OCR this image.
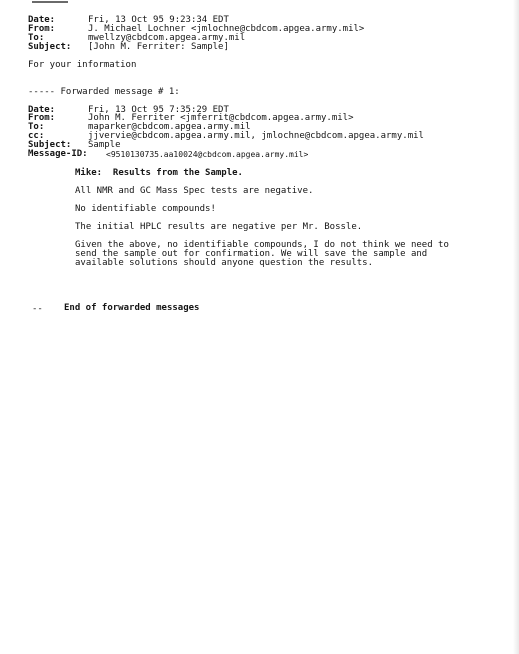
Date:	Fri, 13 Oct 95 9:23:34 EDT
From:	J. Michael Lochner <jmlochne@cbdcom.apgea.army.mil>
To:	mwellzy@cbdcom.apgea.army.mil
Subject: [John M. Ferriter: Sample]
For your information
----- Forwarded message # 1:
Date:	Fri, 13 Oct 95 7:35:29 EDT
From:	John M. Ferriter <jmferrit@cbdcom.apgea.army.mil>
To:	maparker@cbdcom.apgea.army.mil
cc:	jjvervie@cbdcom.apgea.army.mil, jmlochne@cbdcom.apgea.army.mil
Subject: Sample
Message-ID: <9510130735.aa10024@cbdcom.apgea.army.mil>
Mike:  Results from the Sample.
All NMR and GC Mass Spec tests are negative.
No identifiable compounds!
The initial HPLC results are negative per Mr. Bossle.
Given the above, no identifiable compounds, I do not think we need to send the sample out for confirmation. We will save the sample and available solutions should anyone question the results.
-- End of forwarded messages
